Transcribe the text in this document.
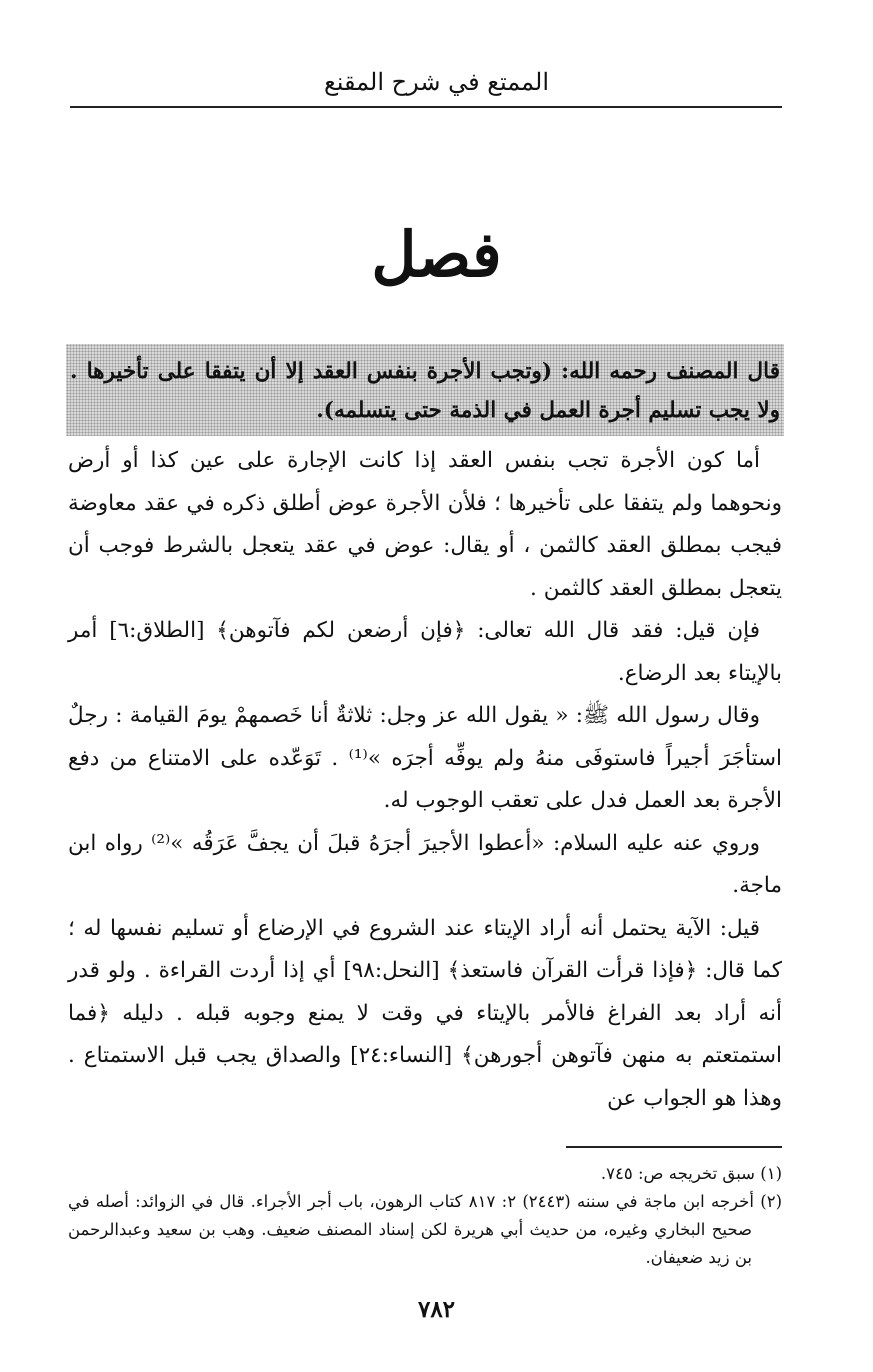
الممتع في شرح المقنع
فصل
قال المصنف رحمه الله: (وتجب الأجرة بنفس العقد إلا أن يتفقا على تأخيرها . ولا يجب تسليم أجرة العمل في الذمة حتى يتسلمه).

أما كون الأجرة تجب بنفس العقد إذا كانت الإجارة على عين كذا أو أرض ونحوهما ولم يتفقا على تأخيرها ؛ فلأن الأجرة عوض أطلق ذكره في عقد معاوضة فيجب بمطلق العقد كالثمن ، أو يقال: عوض في عقد يتعجل بالشرط فوجب أن يتعجل بمطلق العقد كالثمن .

فإن قيل: فقد قال الله تعالى: ﴿فإن أرضعن لكم فآتوهن﴾ [الطلاق:٦] أمر بالإيتاء بعد الرضاع.

وقال رسول الله ﷺ: « يقول الله عز وجل: ثلاثةٌ أنا خَصمهمْ يومَ القيامة : رجلٌ استأجَرَ أجيراً فاستوفَى منهُ ولم يوفِّه أجرَه »⁽¹⁾ . تَوَعّده على الامتناع من دفع الأجرة بعد العمل فدل على تعقب الوجوب له.

وروي عنه عليه السلام: «أعطوا الأجيرَ أجرَهُ قبلَ أن يجفَّ عَرَقُه »⁽²⁾ رواه ابن ماجة.

قيل: الآية يحتمل أنه أراد الإيتاء عند الشروع في الإرضاع أو تسليم نفسها له ؛ كما قال: ﴿فإذا قرأت القرآن فاستعذ﴾ [النحل:٩٨] أي إذا أردت القراءة . ولو قدر أنه أراد بعد الفراغ فالأمر بالإيتاء في وقت لا يمنع وجوبه قبله . دليله ﴿فما استمتعتم به منهن فآتوهن أجورهن﴾ [النساء:٢٤] والصداق يجب قبل الاستمتاع . وهذا هو الجواب عن

(١) سبق تخريجه ص: ٧٤٥.

(٢) أخرجه ابن ماجة في سننه (٢٤٤٣) ٢: ٨١٧ كتاب الرهون، باب أجر الأجراء. قال في الزوائد: أصله في صحيح البخاري وغيره، من حديث أبي هريرة لكن إسناد المصنف ضعيف. وهب بن سعيد وعبدالرحمن بن زيد ضعيفان.

٧٨٢
